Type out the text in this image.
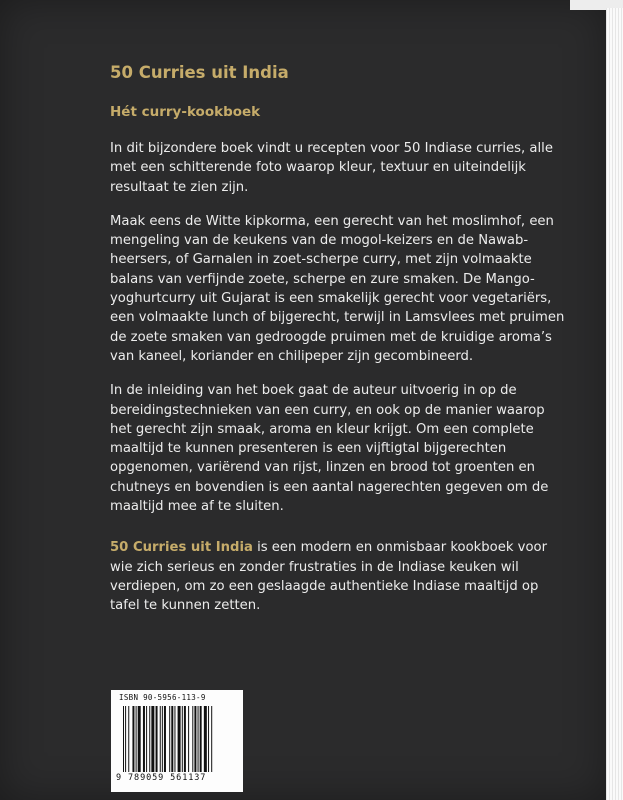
50 Curries uit India

Hét curry-kookboek

In dit bijzondere boek vindt u recepten voor 50 Indiase curries, alle met een schitterende foto waarop kleur, textuur en uiteindelijk resultaat te zien zijn.

Maak eens de Witte kipkorma, een gerecht van het moslimhof, een mengeling van de keukens van de mogol-keizers en de Nawab-heersers, of Garnalen in zoet-scherpe curry, met zijn volmaakte balans van verfijnde zoete, scherpe en zure smaken. De Mango-yoghurtcurry uit Gujarat is een smakelijk gerecht voor vegetariërs, een volmaakte lunch of bijgerecht, terwijl in Lamsvlees met pruimen de zoete smaken van gedroogde pruimen met de kruidige aroma’s van kaneel, koriander en chilipeper zijn gecombineerd.

In de inleiding van het boek gaat de auteur uitvoerig in op de bereidingstechnieken van een curry, en ook op de manier waarop het gerecht zijn smaak, aroma en kleur krijgt. Om een complete maaltijd te kunnen presenteren is een vijftigtal bijgerechten opgenomen, variërend van rijst, linzen en brood tot groenten en chutneys en bovendien is een aantal nagerechten gegeven om de maaltijd mee af te sluiten.

50 Curries uit India is een modern en onmisbaar kookboek voor wie zich serieus en zonder frustraties in de Indiase keuken wil verdiepen, om zo een geslaagde authentieke Indiase maaltijd op tafel te kunnen zetten.

ISBN 90-5956-113-9
9 789059 561137
